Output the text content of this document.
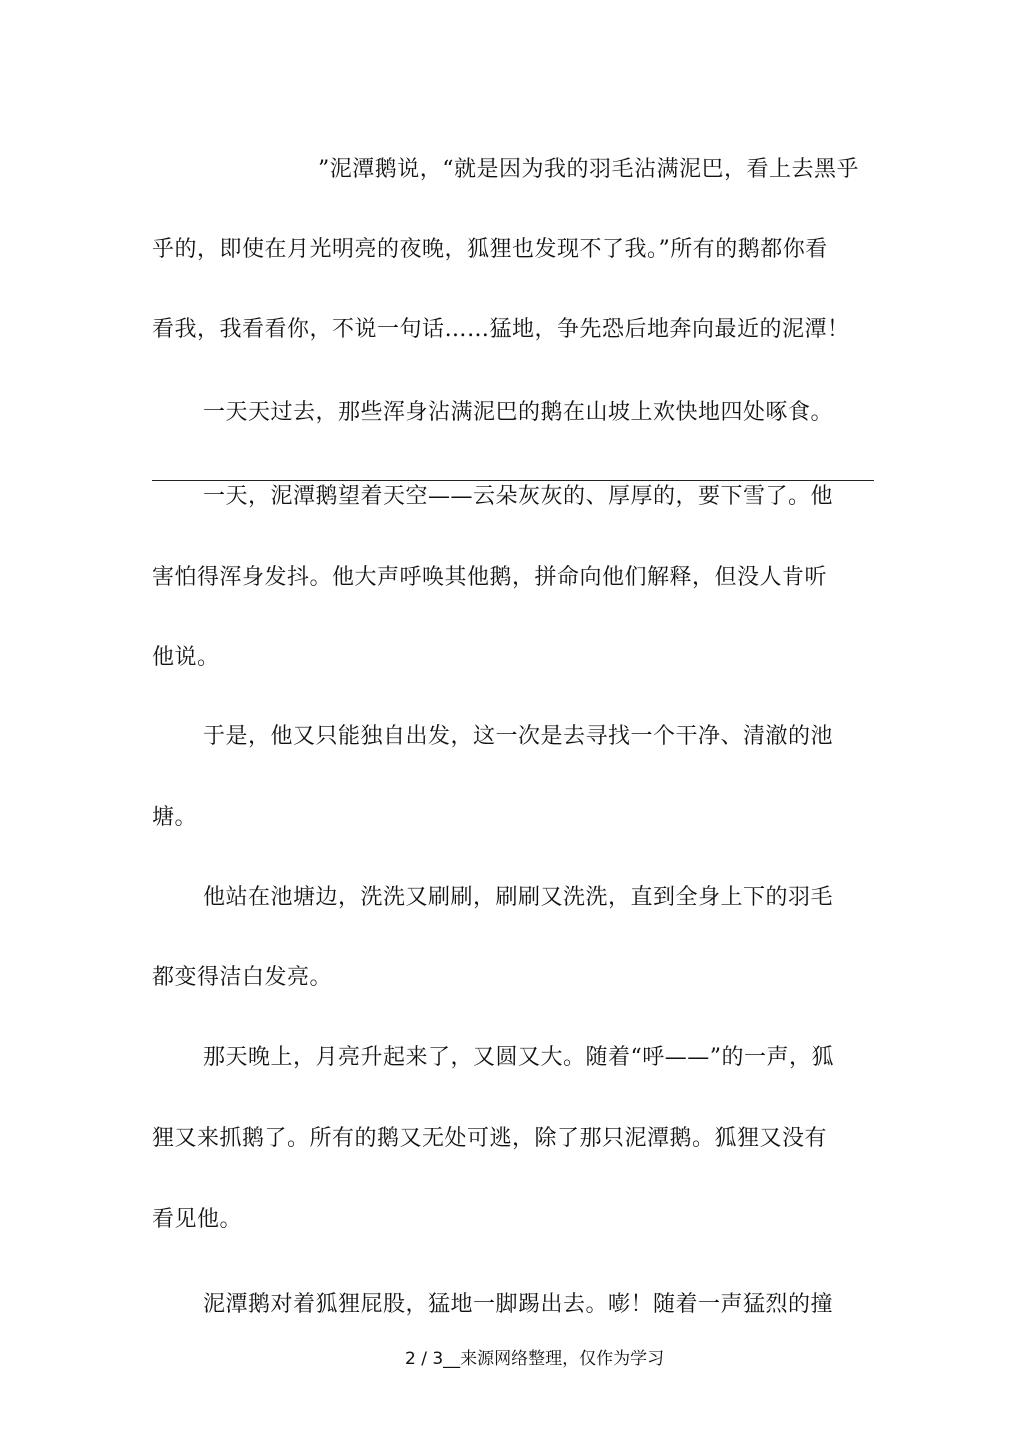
”泥潭鹅说，“就是因为我的羽毛沾满泥巴，看上去黑乎
乎的，即使在月光明亮的夜晚，狐狸也发现不了我。”所有的鹅都你看
看我，我看看你，不说一句话……猛地，争先恐后地奔向最近的泥潭！
一天天过去，那些浑身沾满泥巴的鹅在山坡上欢快地四处啄食。
一天，泥潭鹅望着天空——云朵灰灰的、厚厚的，要下雪了。他
害怕得浑身发抖。他大声呼唤其他鹅，拼命向他们解释，但没人肯听
他说。
于是，他又只能独自出发，这一次是去寻找一个干净、清澈的池
塘。
他站在池塘边，洗洗又刷刷，刷刷又洗洗，直到全身上下的羽毛
都变得洁白发亮。
那天晚上，月亮升起来了，又圆又大。随着“呼——”的一声，狐
狸又来抓鹅了。所有的鹅又无处可逃，除了那只泥潭鹅。狐狸又没有
看见他。
泥潭鹅对着狐狸屁股，猛地一脚踢出去。嘭！随着一声猛烈的撞
2 / 3__来源网络整理，仅作为学习
